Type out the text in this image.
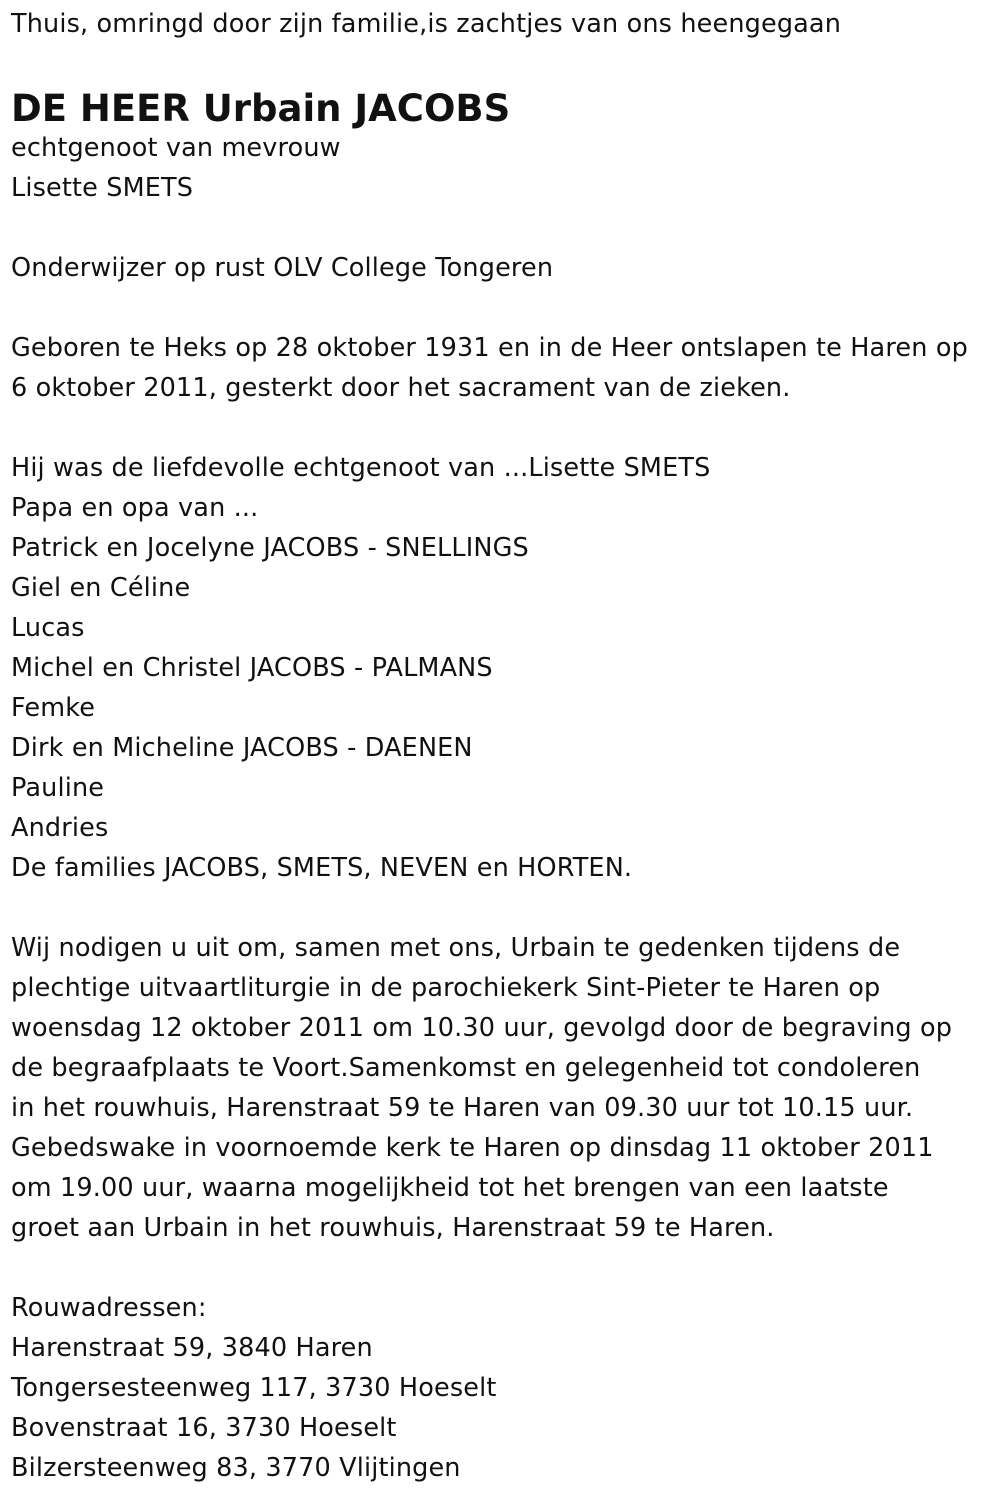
Thuis, omringd door zijn familie,is zachtjes van ons heengegaan
DE HEER Urbain JACOBS
echtgenoot van mevrouw
Lisette SMETS
Onderwijzer op rust OLV College Tongeren
Geboren te Heks op 28 oktober 1931 en in de Heer ontslapen te Haren op
6 oktober 2011, gesterkt door het sacrament van de zieken.
Hij was de liefdevolle echtgenoot van ...Lisette SMETS
Papa en opa van ...
Patrick en Jocelyne JACOBS - SNELLINGS
Giel en Céline
Lucas
Michel en Christel JACOBS - PALMANS
Femke
Dirk en Micheline JACOBS - DAENEN
Pauline
Andries
De families JACOBS, SMETS, NEVEN en HORTEN.
Wij nodigen u uit om, samen met ons, Urbain te gedenken tijdens de
plechtige uitvaartliturgie in de parochiekerk Sint-Pieter te Haren op
woensdag 12 oktober 2011 om 10.30 uur, gevolgd door de begraving op
de begraafplaats te Voort.Samenkomst en gelegenheid tot condoleren
in het rouwhuis, Harenstraat 59 te Haren van 09.30 uur tot 10.15 uur.
Gebedswake in voornoemde kerk te Haren op dinsdag 11 oktober 2011
om 19.00 uur, waarna mogelijkheid tot het brengen van een laatste
groet aan Urbain in het rouwhuis, Harenstraat 59 te Haren.
Rouwadressen:
Harenstraat 59, 3840 Haren
Tongersesteenweg 117, 3730 Hoeselt
Bovenstraat 16, 3730 Hoeselt
Bilzersteenweg 83, 3770 Vlijtingen
